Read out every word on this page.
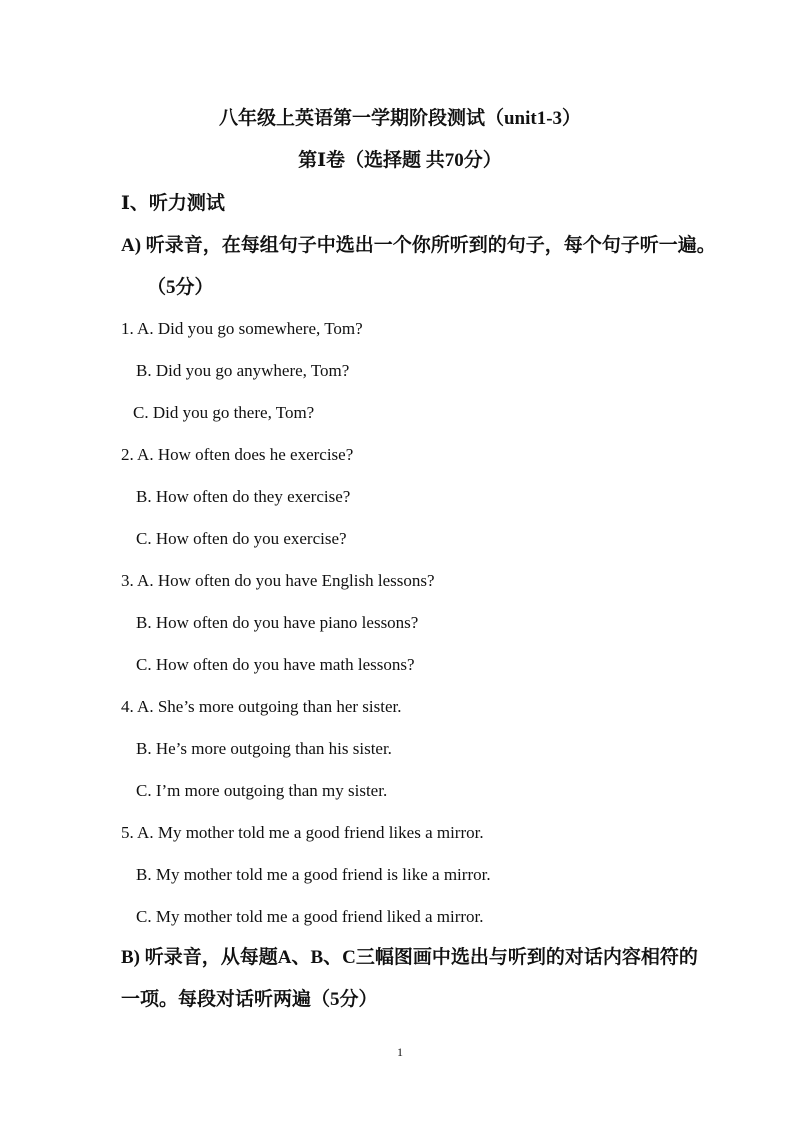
八年级上英语第一学期阶段测试（unit1-3）
第Ⅰ卷（选择题 共70分）
Ⅰ、听力测试
A) 听录音，在每组句子中选出一个你所听到的句子，每个句子听一遍。
（5分）
1. A. Did you go somewhere, Tom?
B. Did you go anywhere, Tom?
C. Did you go there, Tom?
2. A. How often does he exercise?
B. How often do they exercise?
C. How often do you exercise?
3. A. How often do you have English lessons?
B. How often do you have piano lessons?
C. How often do you have math lessons?
4. A. She’s more outgoing than her sister.
B. He’s more outgoing than his sister.
C. I’m more outgoing than my sister.
5. A. My mother told me a good friend likes a mirror.
B. My mother told me a good friend is like a mirror.
C. My mother told me a good friend liked a mirror.
B) 听录音，从每题A、B、C三幅图画中选出与听到的对话内容相符的
一项。每段对话听两遍（5分）
1
